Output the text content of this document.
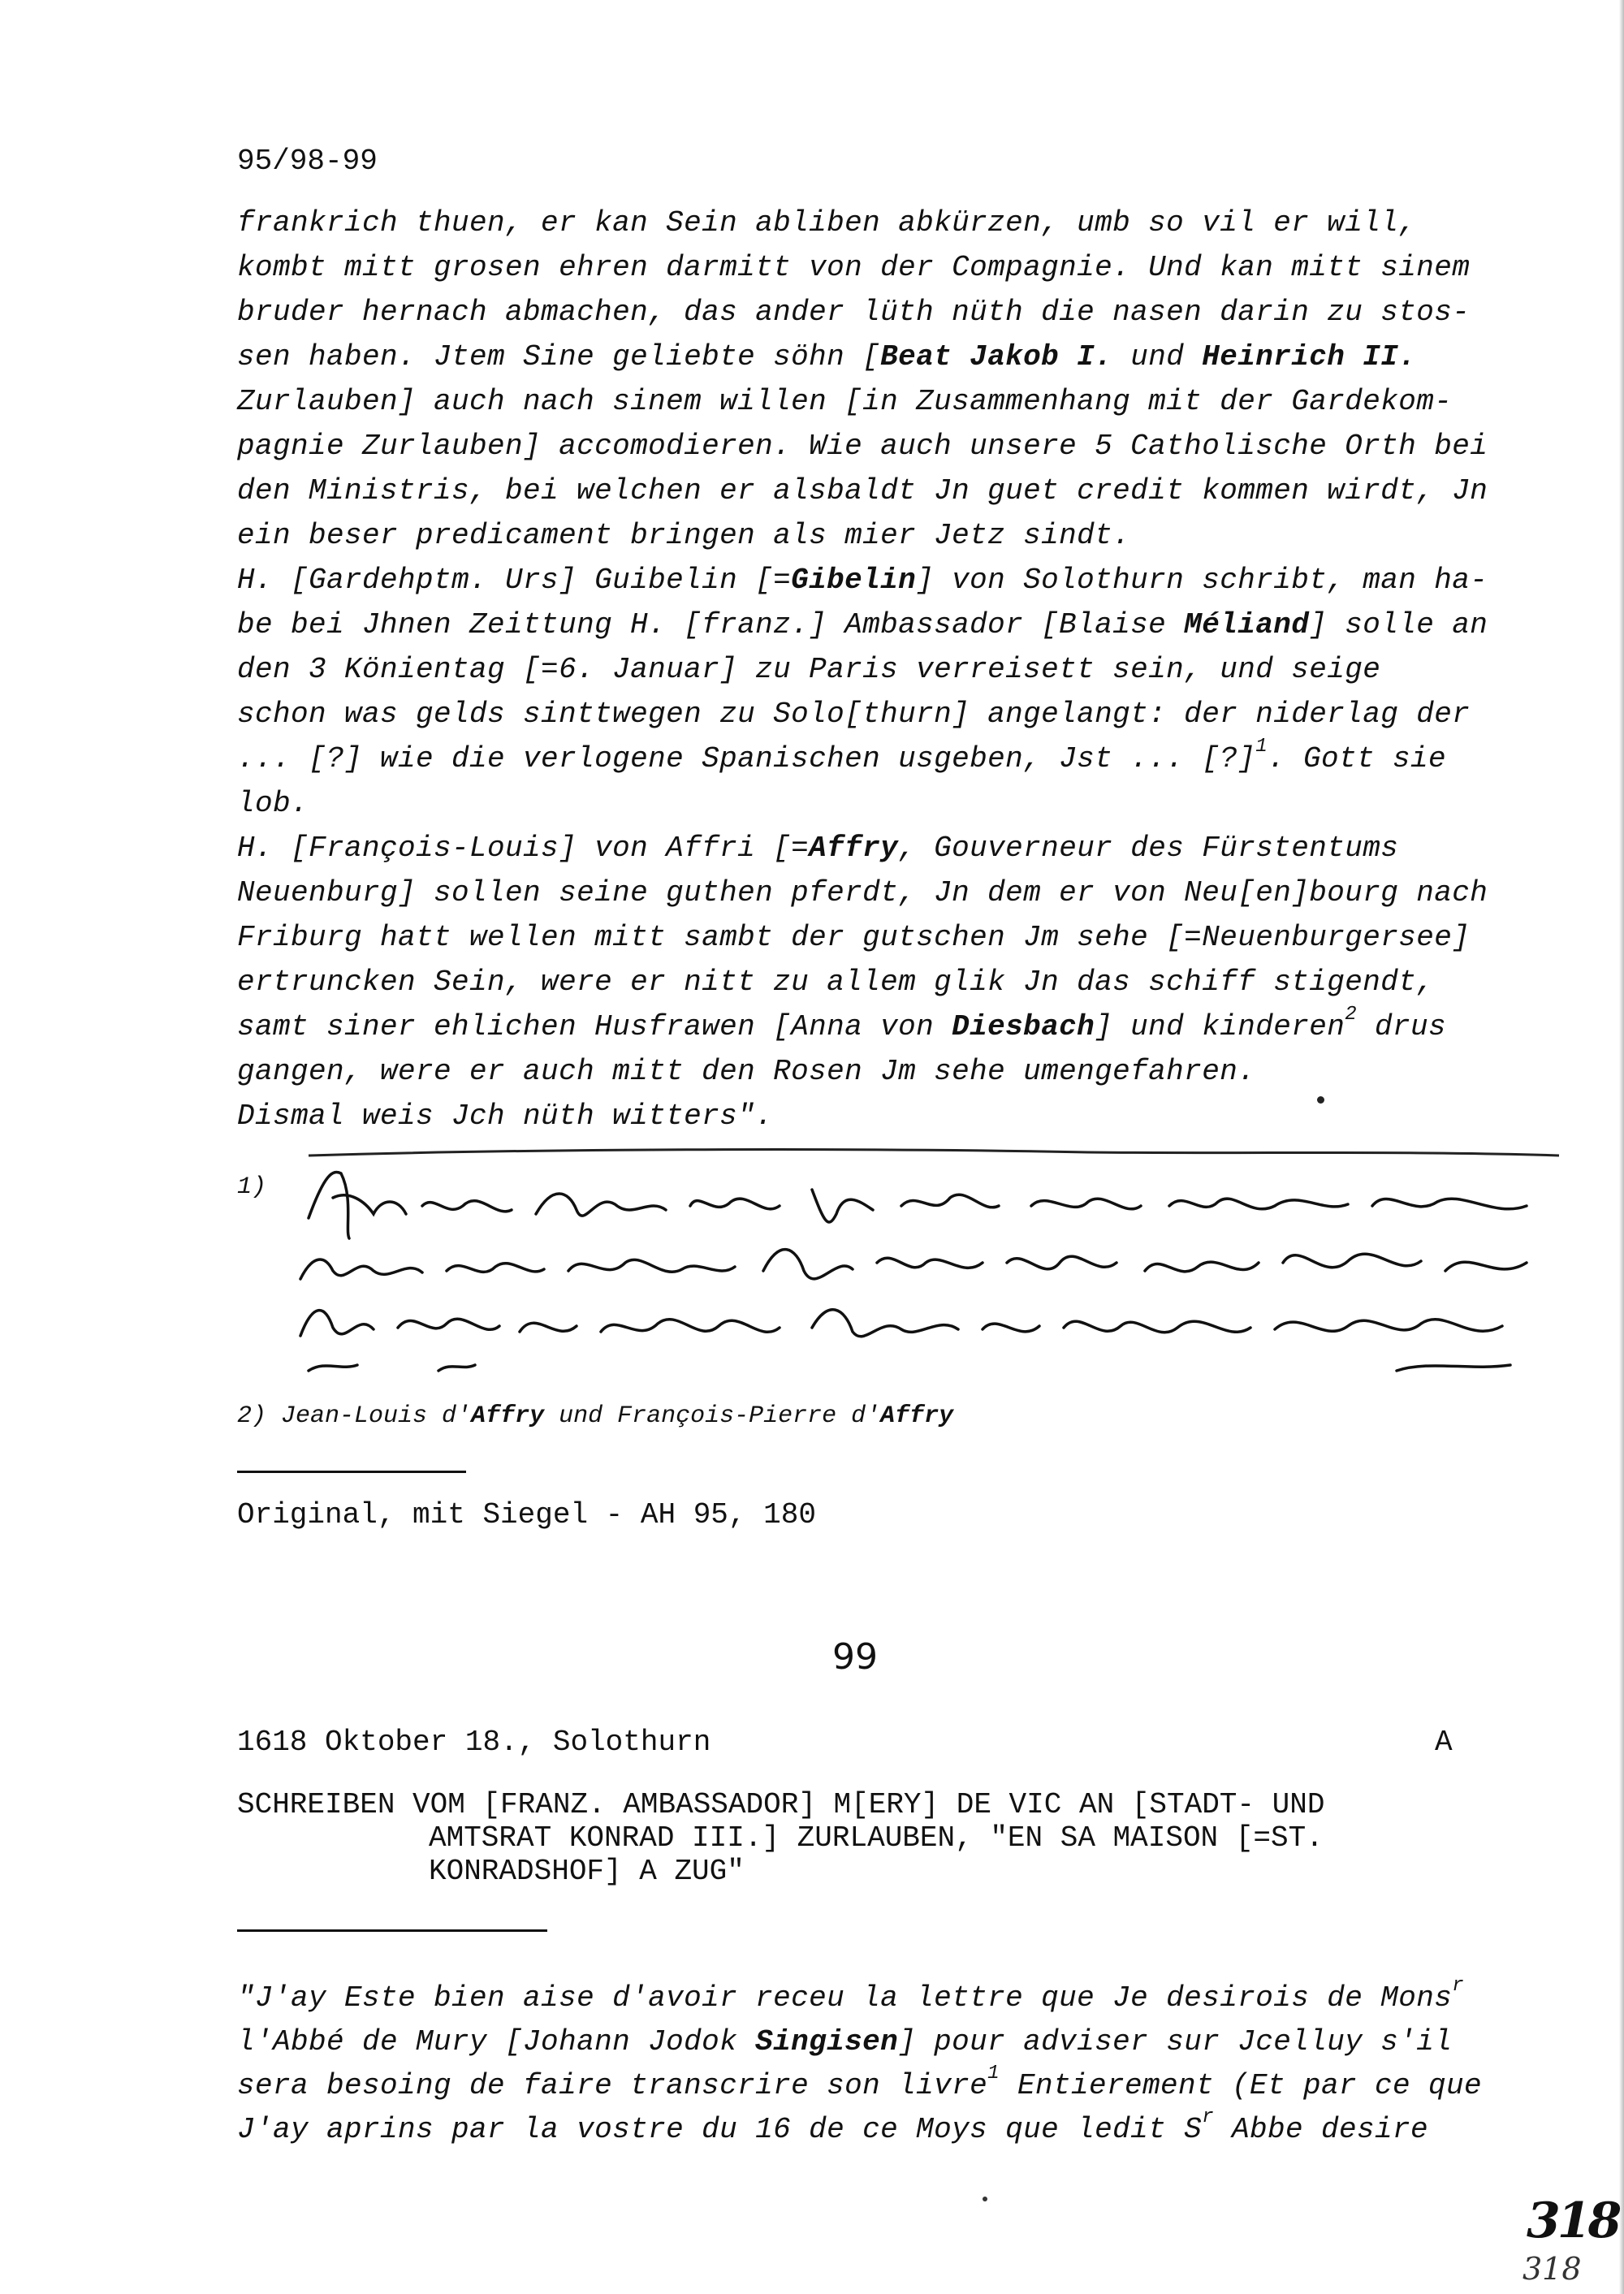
95/98-99
frankrich thuen, er kan Sein abliben abkürzen, umb so vil er will,
kombt mitt grosen ehren darmitt von der Compagnie. Und kan mitt sinem
bruder hernach abmachen, das ander lüth nüth die nasen darin zu stos-
sen haben. Jtem Sine geliebte söhn [Beat Jakob I. und Heinrich II.
Zurlauben] auch nach sinem willen [in Zusammenhang mit der Gardekom-
pagnie Zurlauben] accomodieren. Wie auch unsere 5 Catholische Orth bei
den Ministris, bei welchen er alsbaldt Jn guet credit kommen wirdt, Jn
ein beser predicament bringen als mier Jetz sindt.
H. [Gardehptm. Urs] Guibelin [=Gibelin] von Solothurn schribt, man ha-
be bei Jhnen Zeittung H. [franz.] Ambassador [Blaise Méliand] solle an
den 3 Könientag [=6. Januar] zu Paris verreisett sein, und seige
schon was gelds sinttwegen zu Solo[thurn] angelangt: der niderlag der
... [?] wie die verlogene Spanischen usgeben, Jst ... [?]$^1$. Gott sie
lob.
H. [François-Louis] von Affri [=Affry, Gouverneur des Fürstentums
Neuenburg] sollen seine guthen pferdt, Jn dem er von Neu[en]bourg nach
Friburg hatt wellen mitt sambt der gutschen Jm sehe [=Neuenburgersee]
ertruncken Sein, were er nitt zu allem glik Jn das schiff stigendt,
samt siner ehlichen Husfrawen [Anna von Diesbach] und kinderen$^2$ drus
gangen, were er auch mitt den Rosen Jm sehe umengefahren.
Dismal weis Jch nüth witters".
1)
2) Jean-Louis d'Affry und François-Pierre d'Affry
Original, mit Siegel - AH 95, 180
99
1618 Oktober 18., Solothurn	A
SCHREIBEN VOM [FRANZ. AMBASSADOR] M[ERY] DE VIC AN [STADT- UND
AMTSRAT KONRAD III.] ZURLAUBEN, "EN SA MAISON [=ST.
KONRADSHOF] A ZUG"
"J'ay Este bien aise d'avoir receu la lettre que Je desirois de Mons$^r$
l'Abbé de Mury [Johann Jodok Singisen] pour adviser sur Jcelluy s'il
sera besoing de faire transcrire son livre$^1$ Entierement (Et par ce que
J'ay aprins par la vostre du 16 de ce Moys que ledit $S^r$ Abbe desire
318
318
